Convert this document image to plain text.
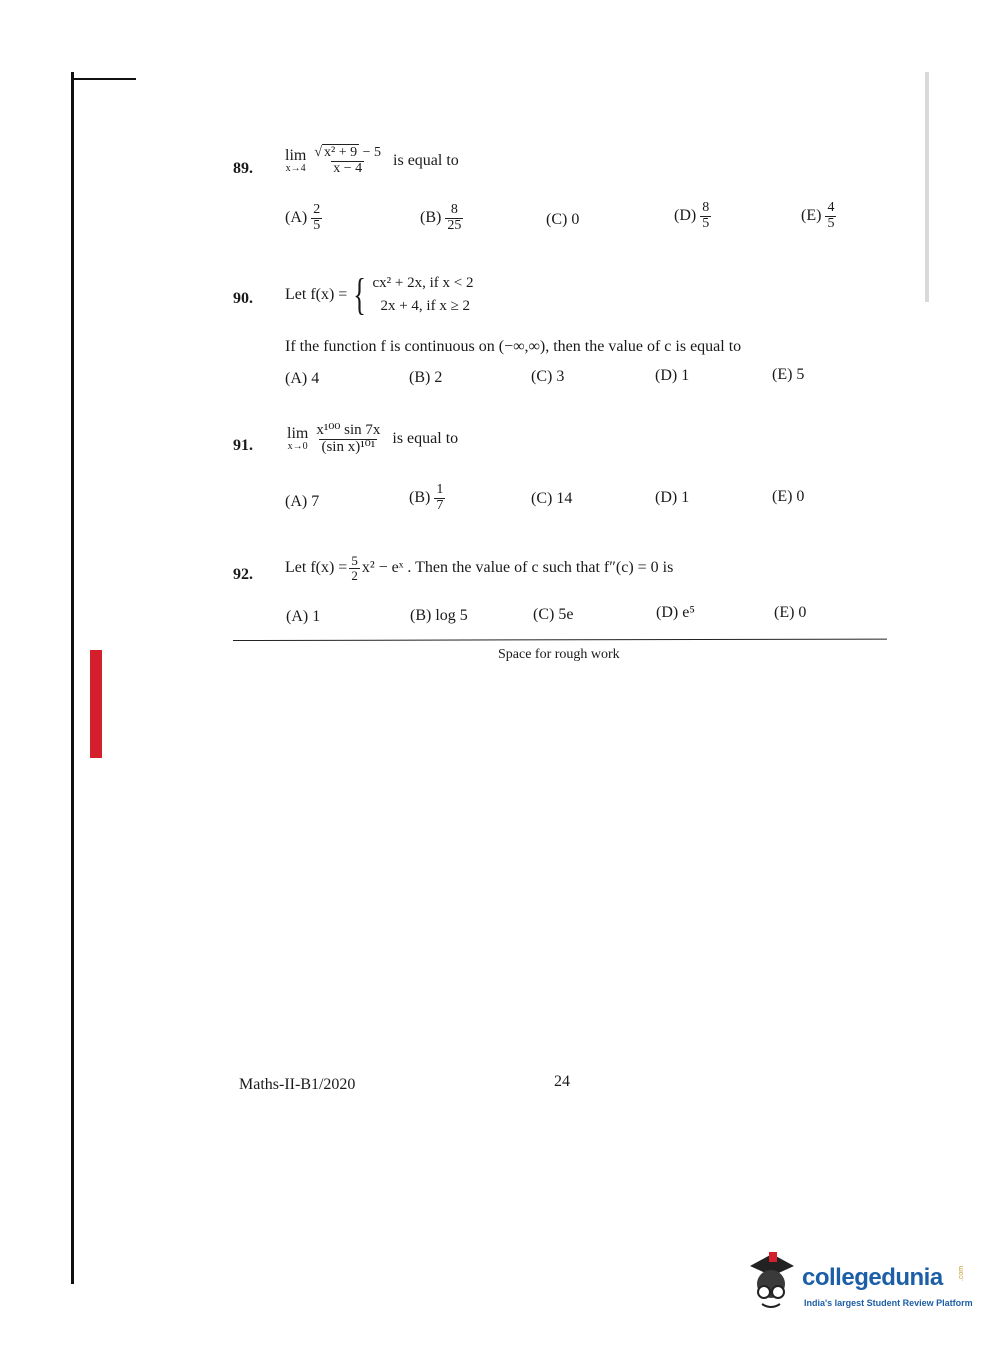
89.
lim
$x\to 4 \frac{\text{√ x² + 9 − 5}}{x - 4}$ is equal to
$(A) \frac{2}{5}$	$(B) \frac{8}{25}$	(C) 0	$(D) \frac{8}{5}$	$(E) \frac{4}{5}$
90. Let f(x) = { cx² + 2x, if x < 2
2x + 4, if x ≥ 2
If the function f is continuous on (−∞,∞), then the value of c is equal to
(A) 4	(B) 2	(C) 3	(D) 1	(E) 5
91.
lim
$x\to 0 \frac{\text{x¹⁰⁰ sin 7x}}{\text{(sin x)¹⁰¹}}$ is equal to
(A) 7	$(B) \frac{1}{7}$	(C) 14	(D) 1	(E) 0
92. Let $f(x) = \frac{5}{2} x^2$ − eˣ . Then the value of c such that f″(c) = 0 is
(A) 1	(B) log 5	(C) 5e	(D) e⁵	(E) 0
Space for rough work
Maths-II-B1/2020	24
collegedunia .com
India's largest Student Review Platform
